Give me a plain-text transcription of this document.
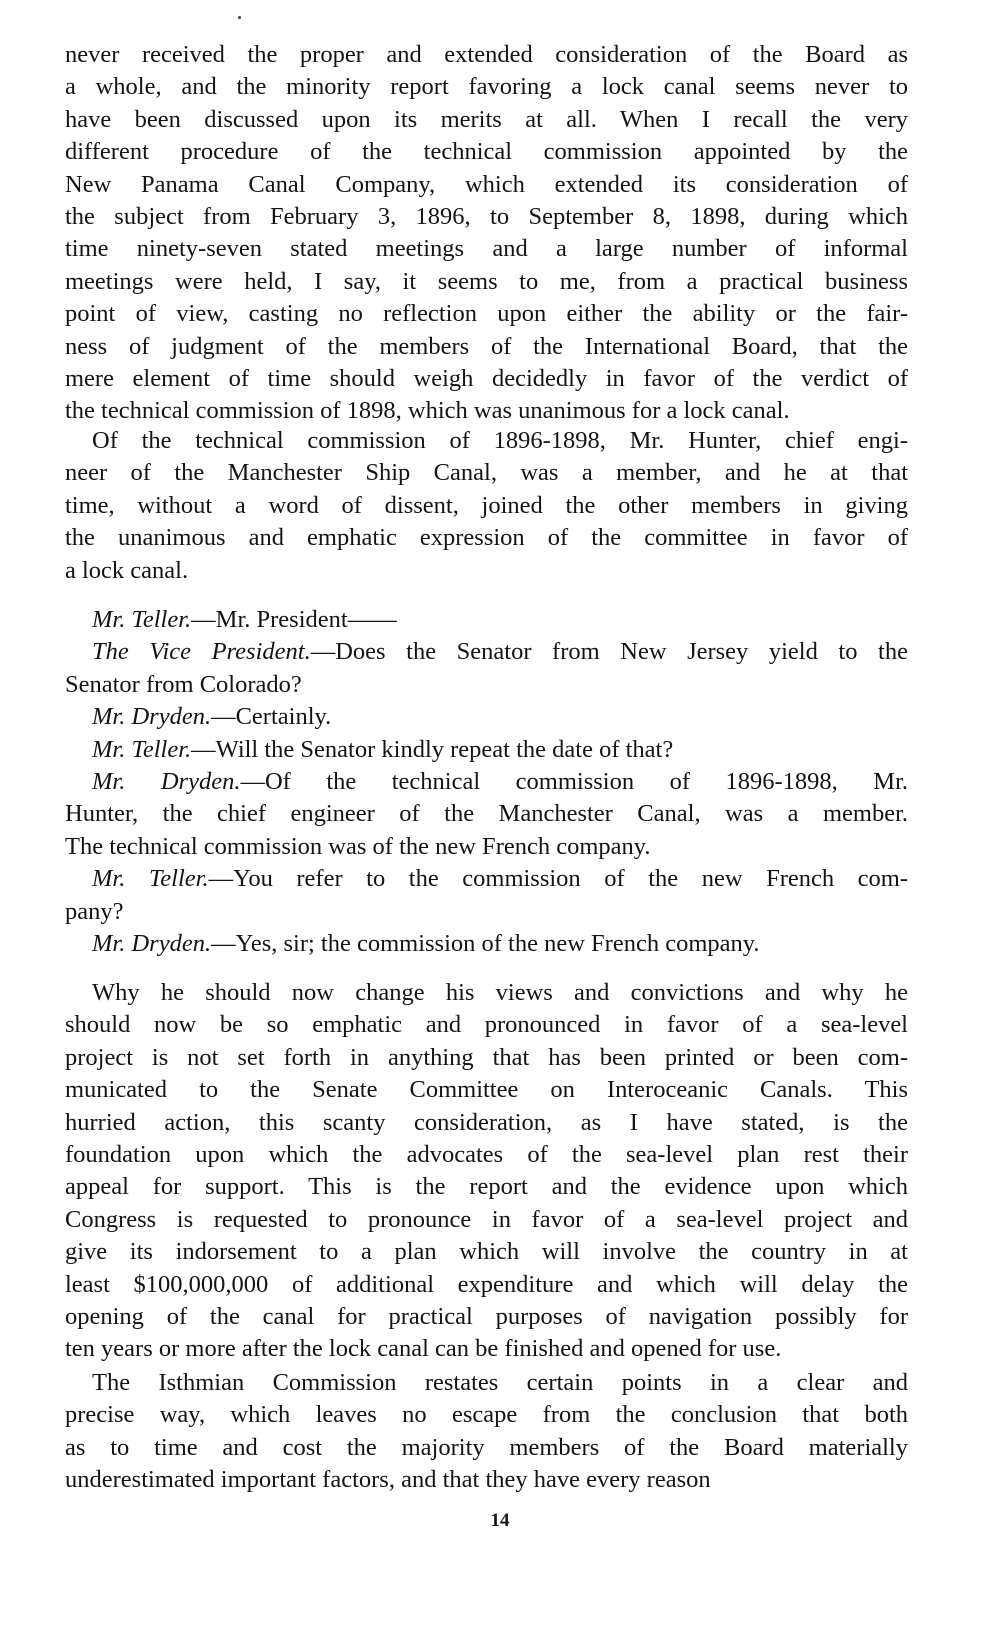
never received the proper and extended consideration of the Board as
a whole, and the minority report favoring a lock canal seems never to
have been discussed upon its merits at all. When I recall the very
different procedure of the technical commission appointed by the
New Panama Canal Company, which extended its consideration of
the subject from February 3, 1896, to September 8, 1898, during which
time ninety-seven stated meetings and a large number of informal
meetings were held, I say, it seems to me, from a practical business
point of view, casting no reflection upon either the ability or the fair-
ness of judgment of the members of the International Board, that the
mere element of time should weigh decidedly in favor of the verdict of
the technical commission of 1898, which was unanimous for a lock canal.
Of the technical commission of 1896-1898, Mr. Hunter, chief engi-
neer of the Manchester Ship Canal, was a member, and he at that
time, without a word of dissent, joined the other members in giving
the unanimous and emphatic expression of the committee in favor of
a lock canal.
Mr. Teller.—Mr. President——
The Vice President.—Does the Senator from New Jersey yield to the
Senator from Colorado?
Mr. Dryden.—Certainly.
Mr. Teller.—Will the Senator kindly repeat the date of that?
Mr. Dryden.—Of the technical commission of 1896-1898, Mr.
Hunter, the chief engineer of the Manchester Canal, was a member.
The technical commission was of the new French company.
Mr. Teller.—You refer to the commission of the new French com-
pany?
Mr. Dryden.—Yes, sir; the commission of the new French company.
Why he should now change his views and convictions and why he
should now be so emphatic and pronounced in favor of a sea-level
project is not set forth in anything that has been printed or been com-
municated to the Senate Committee on Interoceanic Canals. This
hurried action, this scanty consideration, as I have stated, is the
foundation upon which the advocates of the sea-level plan rest their
appeal for support. This is the report and the evidence upon which
Congress is requested to pronounce in favor of a sea-level project and
give its indorsement to a plan which will involve the country in at
least $100,000,000 of additional expenditure and which will delay the
opening of the canal for practical purposes of navigation possibly for
ten years or more after the lock canal can be finished and opened for use.
The Isthmian Commission restates certain points in a clear and
precise way, which leaves no escape from the conclusion that both
as to time and cost the majority members of the Board materially
underestimated important factors, and that they have every reason
14
